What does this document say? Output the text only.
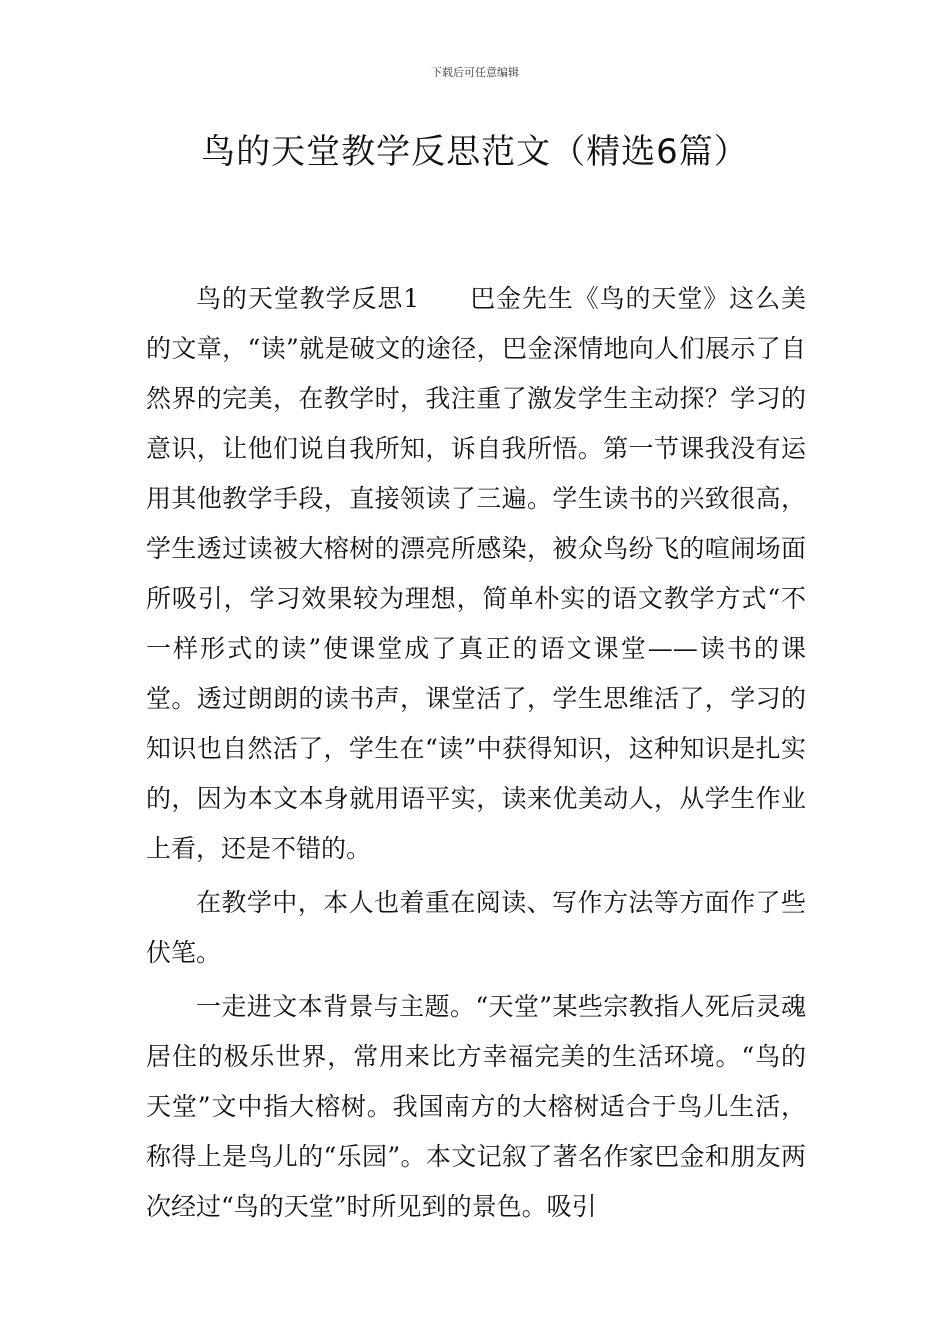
下载后可任意编辑
鸟的天堂教学反思范文（精选6篇）

鸟的天堂教学反思1 巴金先生《鸟的天堂》这么美的文章，“读”就是破文的途径，巴金深情地向人们展示了自然界的完美，在教学时，我注重了激发学生主动探？学习的意识，让他们说自我所知，诉自我所悟。第一节课我没有运用其他教学手段，直接领读了三遍。学生读书的兴致很高，学生透过读被大榕树的漂亮所感染，被众鸟纷飞的喧闹场面所吸引，学习效果较为理想，简单朴实的语文教学方式“不一样形式的读”使课堂成了真正的语文课堂——读书的课堂。透过朗朗的读书声，课堂活了，学生思维活了，学习的知识也自然活了，学生在“读”中获得知识，这种知识是扎实的，因为本文本身就用语平实，读来优美动人，从学生作业上看，还是不错的。

在教学中，本人也着重在阅读、写作方法等方面作了些伏笔。

一走进文本背景与主题。“天堂”某些宗教指人死后灵魂居住的极乐世界，常用来比方幸福完美的生活环境。“鸟的天堂”文中指大榕树。我国南方的大榕树适合于鸟儿生活，称得上是鸟儿的“乐园”。本文记叙了著名作家巴金和朋友两次经过“鸟的天堂”时所见到的景色。吸引
